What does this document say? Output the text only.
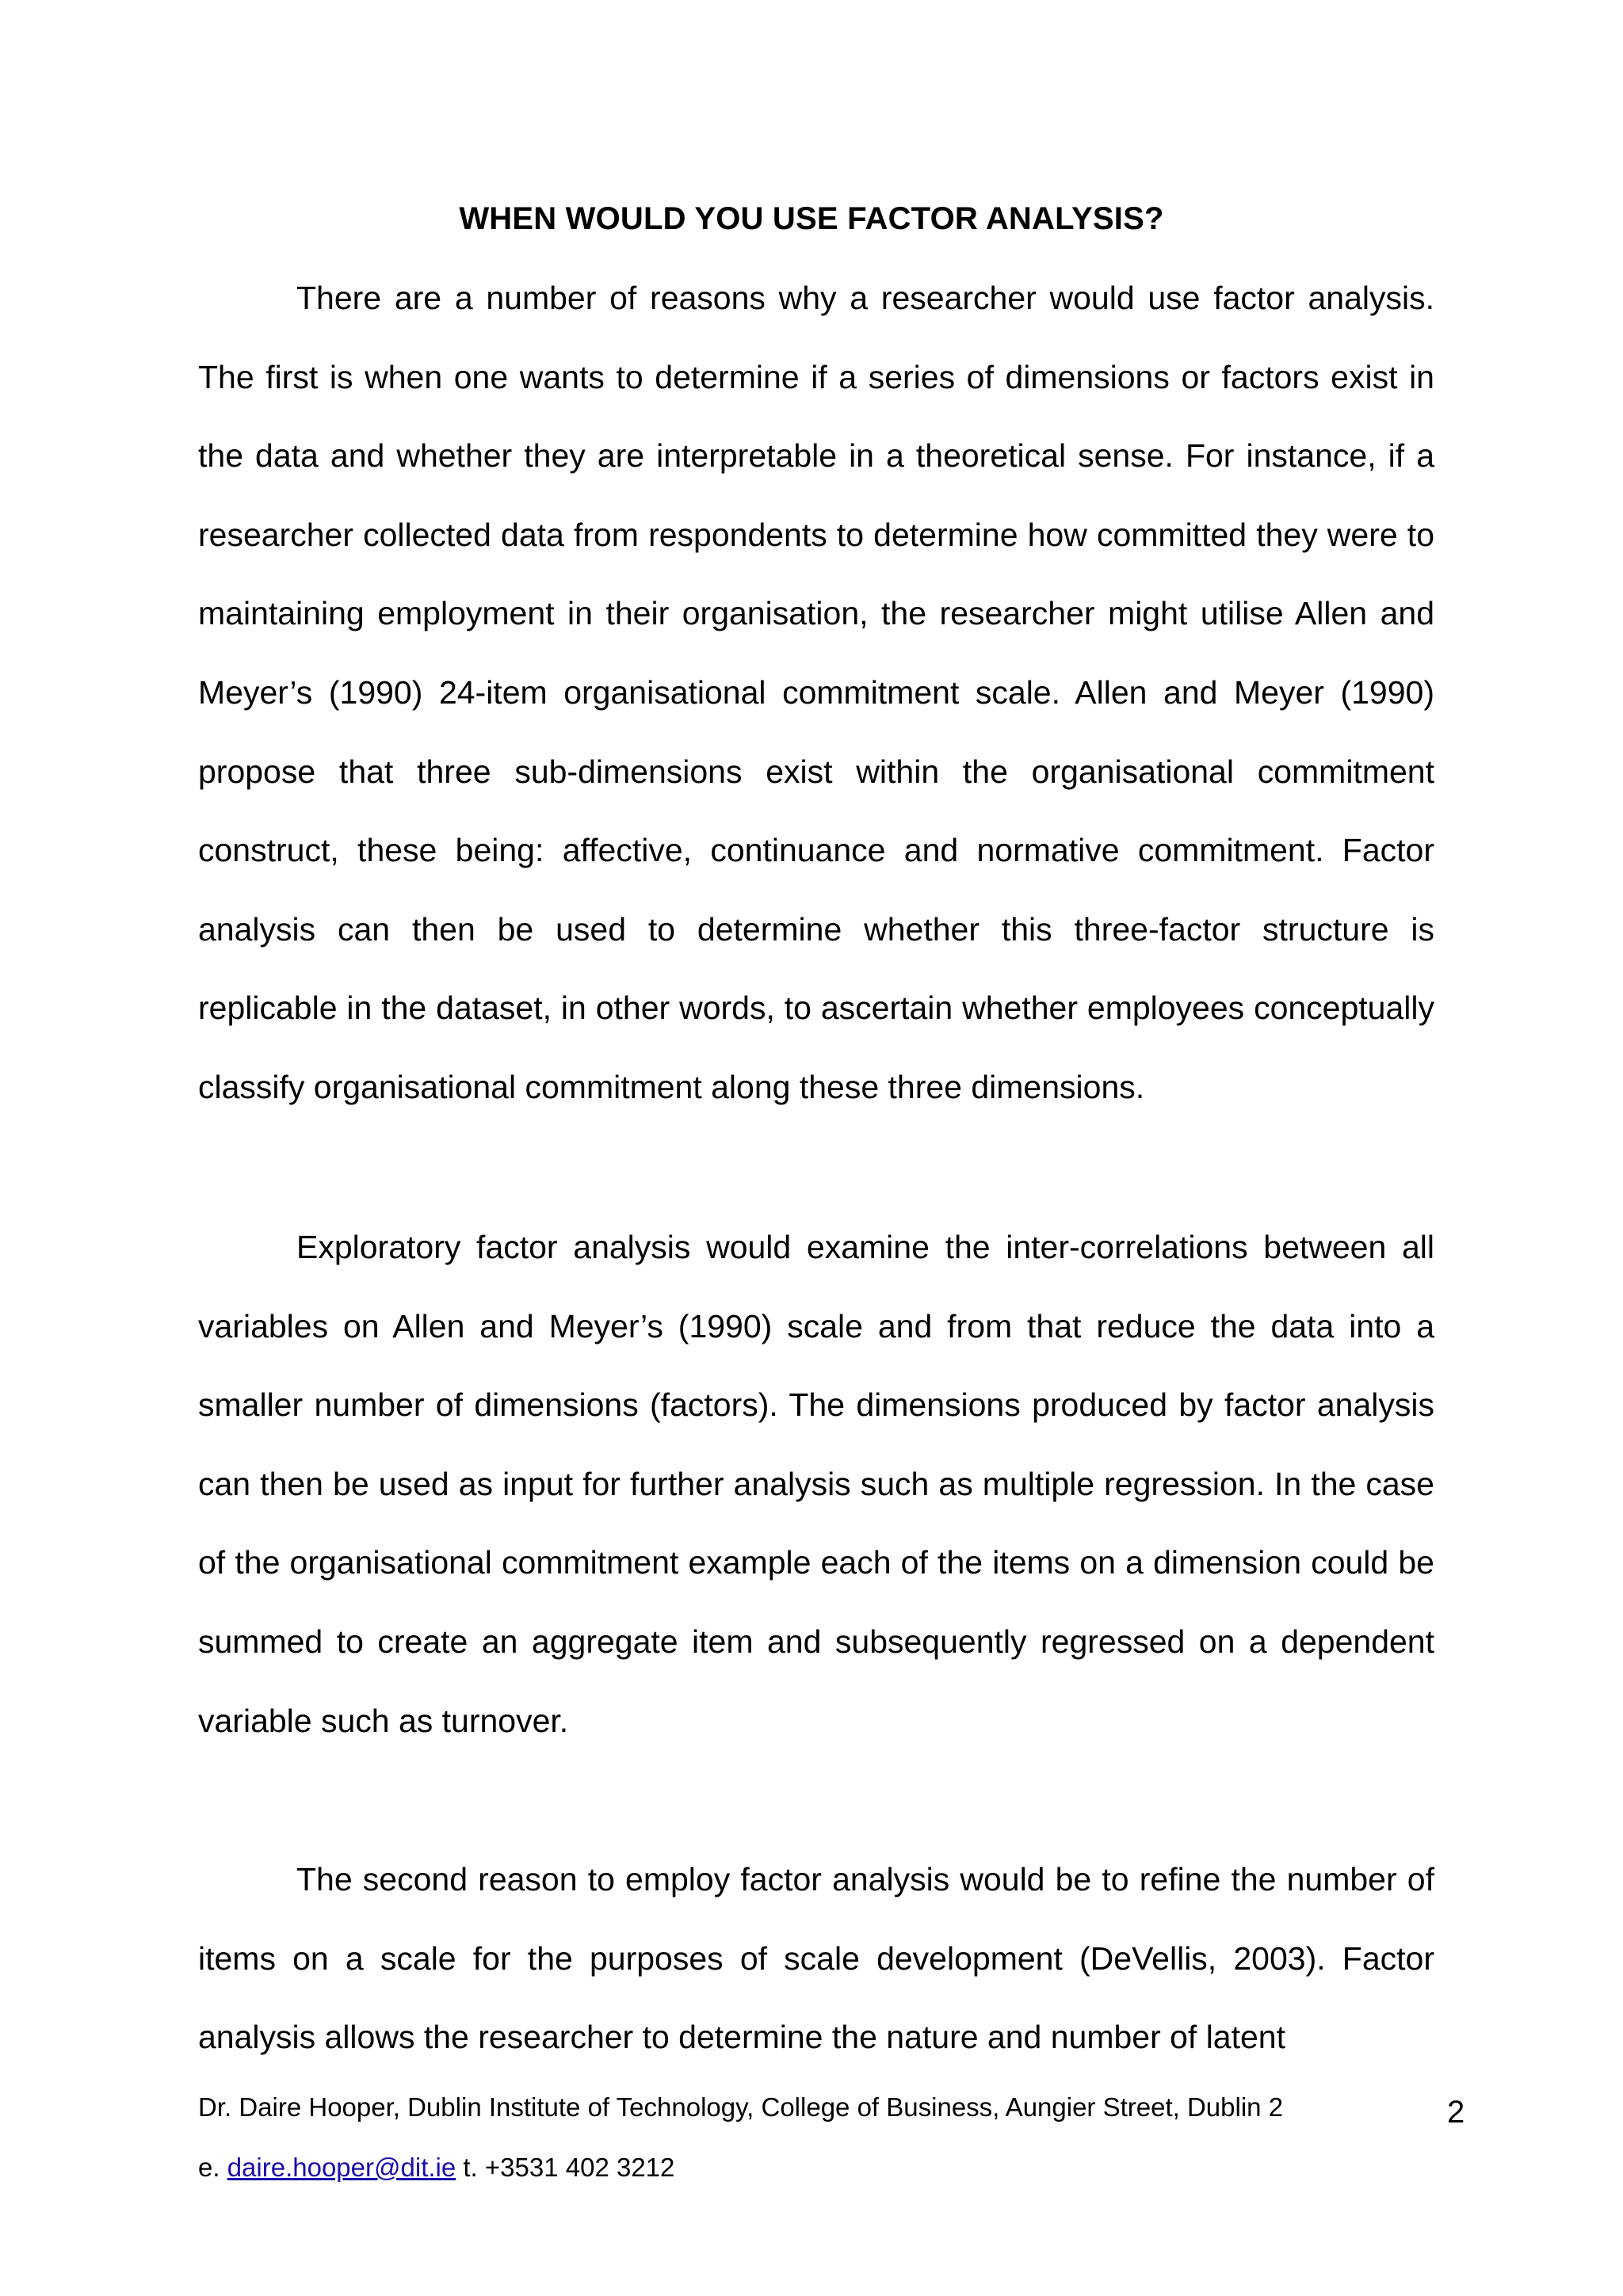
WHEN WOULD YOU USE FACTOR ANALYSIS?

There are a number of reasons why a researcher would use factor analysis. The first is when one wants to determine if a series of dimensions or factors exist in the data and whether they are interpretable in a theoretical sense. For instance, if a researcher collected data from respondents to determine how committed they were to maintaining employment in their organisation, the researcher might utilise Allen and Meyer’s (1990) 24-item organisational commitment scale. Allen and Meyer (1990) propose that three sub-dimensions exist within the organisational commitment construct, these being: affective, continuance and normative commitment. Factor analysis can then be used to determine whether this three-factor structure is replicable in the dataset, in other words, to ascertain whether employees conceptually classify organisational commitment along these three dimensions.

Exploratory factor analysis would examine the inter-correlations between all variables on Allen and Meyer’s (1990) scale and from that reduce the data into a smaller number of dimensions (factors). The dimensions produced by factor analysis can then be used as input for further analysis such as multiple regression. In the case of the organisational commitment example each of the items on a dimension could be summed to create an aggregate item and subsequently regressed on a dependent variable such as turnover.

The second reason to employ factor analysis would be to refine the number of items on a scale for the purposes of scale development (DeVellis, 2003). Factor analysis allows the researcher to determine the nature and number of latent

Dr. Daire Hooper, Dublin Institute of Technology, College of Business, Aungier Street, Dublin 2
e. daire.hooper@dit.ie t. +3531 402 3212
2
